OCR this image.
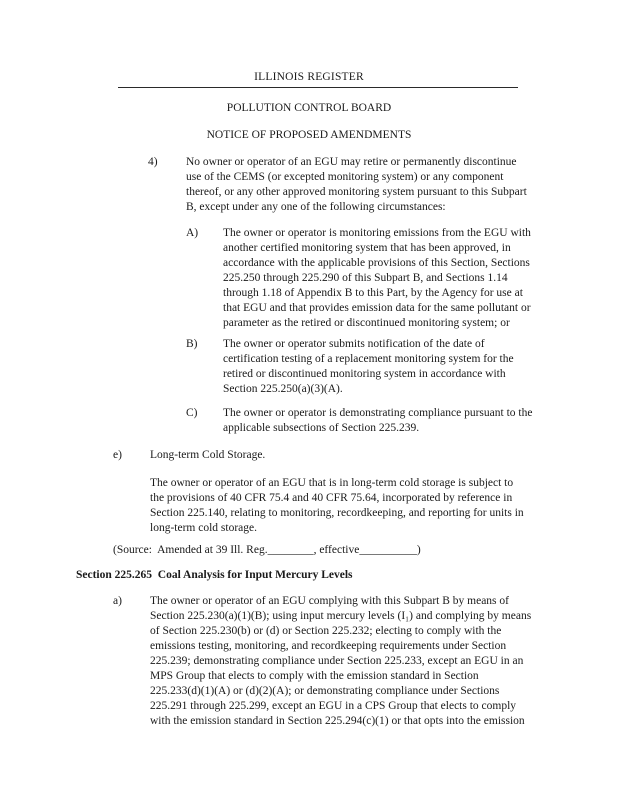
ILLINOIS REGISTER
POLLUTION CONTROL BOARD
NOTICE OF PROPOSED AMENDMENTS
4) No owner or operator of an EGU may retire or permanently discontinue
use of the CEMS (or excepted monitoring system) or any component
thereof, or any other approved monitoring system pursuant to this Subpart
B, except under any one of the following circumstances:
A) The owner or operator is monitoring emissions from the EGU with
another certified monitoring system that has been approved, in
accordance with the applicable provisions of this Section, Sections
225.250 through 225.290 of this Subpart B, and Sections 1.14
through 1.18 of Appendix B to this Part, by the Agency for use at
that EGU and that provides emission data for the same pollutant or
parameter as the retired or discontinued monitoring system; or
B) The owner or operator submits notification of the date of
certification testing of a replacement monitoring system for the
retired or discontinued monitoring system in accordance with
Section 225.250(a)(3)(A).
C) The owner or operator is demonstrating compliance pursuant to the
applicable subsections of Section 225.239.
e) Long-term Cold Storage.
The owner or operator of an EGU that is in long-term cold storage is subject to
the provisions of 40 CFR 75.4 and 40 CFR 75.64, incorporated by reference in
Section 225.140, relating to monitoring, recordkeeping, and reporting for units in
long-term cold storage.
(Source:  Amended at 39 Ill. Reg.________, effective__________)
Section 225.265  Coal Analysis for Input Mercury Levels
a) The owner or operator of an EGU complying with this Subpart B by means of
Section 225.230(a)(1)(B); using input mercury levels (I₁) and complying by means
of Section 225.230(b) or (d) or Section 225.232; electing to comply with the
emissions testing, monitoring, and recordkeeping requirements under Section
225.239; demonstrating compliance under Section 225.233, except an EGU in an
MPS Group that elects to comply with the emission standard in Section
225.233(d)(1)(A) or (d)(2)(A); or demonstrating compliance under Sections
225.291 through 225.299, except an EGU in a CPS Group that elects to comply
with the emission standard in Section 225.294(c)(1) or that opts into the emission
